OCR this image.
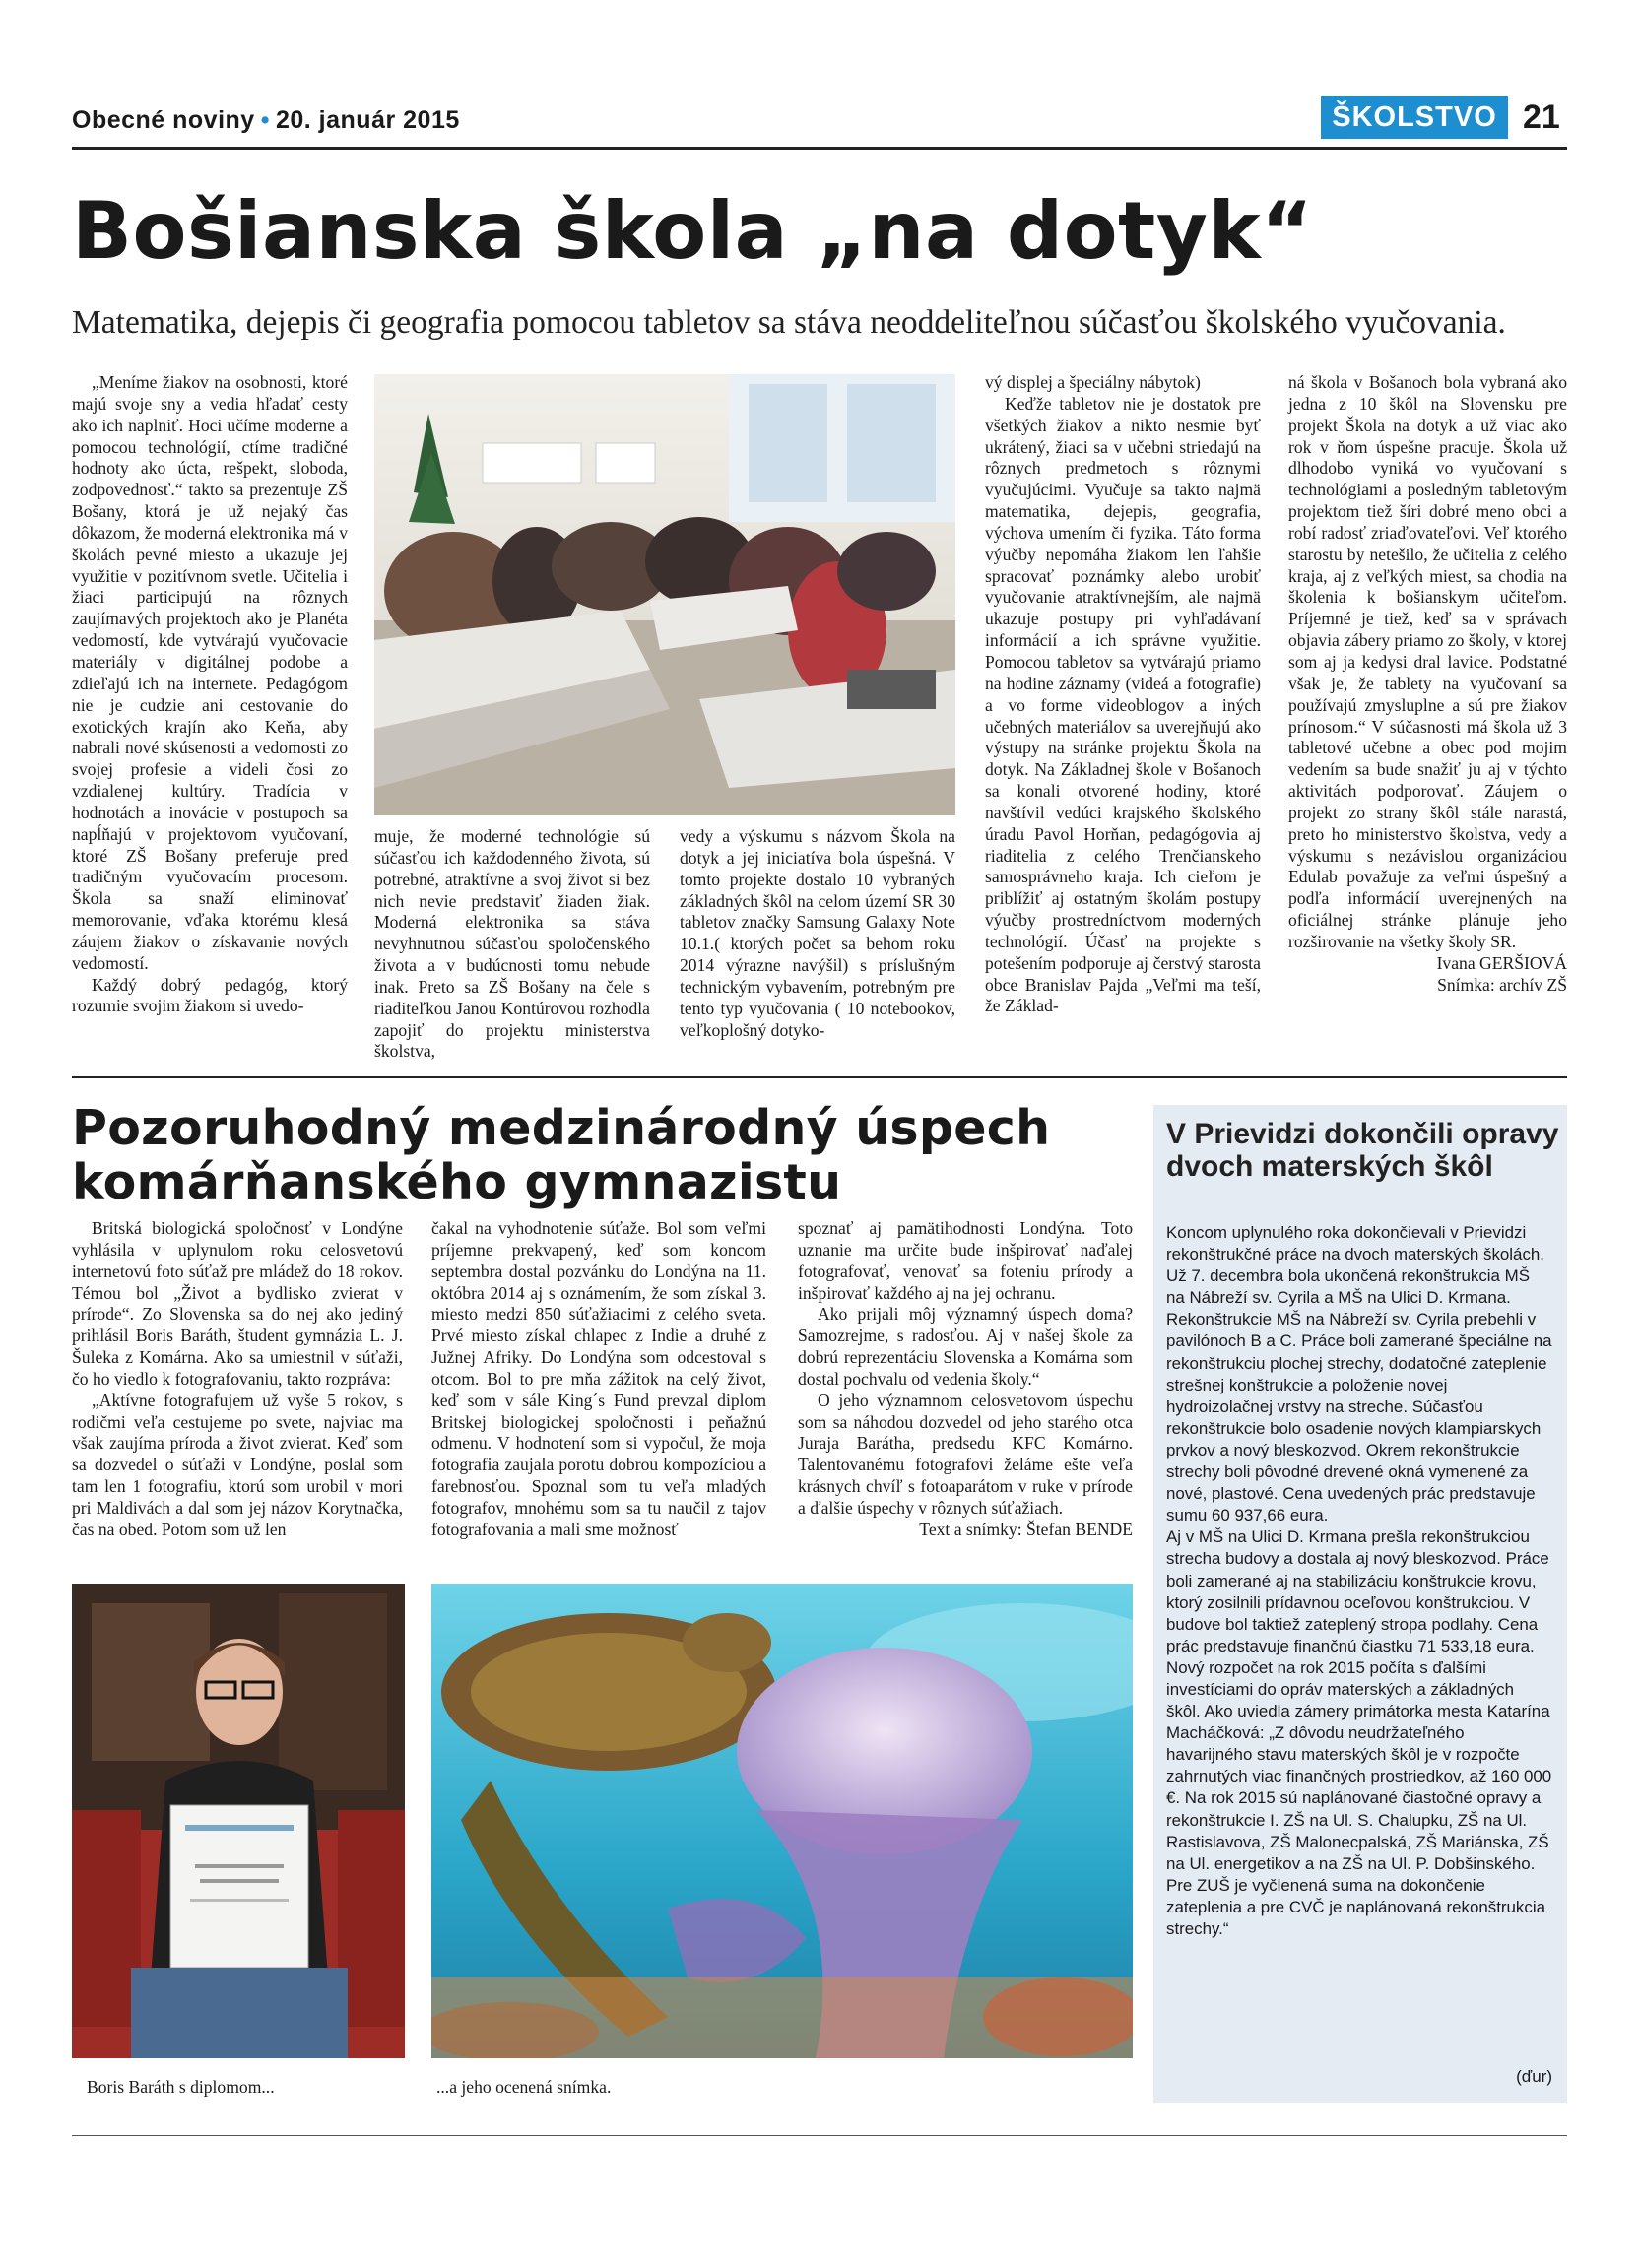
Obecné noviny • 20. január 2015	ŠKOLSTVO 21
Bošianska škola „na dotyk“
Matematika, dejepis či geografia pomocou tabletov sa stáva neoddeliteľnou súčasťou školského vyučovania.

„Meníme žiakov na osobnosti, ktoré majú svoje sny a vedia hľadať cesty ako ich naplniť. Hoci učíme moderne a pomocou technológií, ctíme tradičné hodnoty ako úcta, rešpekt, sloboda, zodpovednosť.“ takto sa prezentuje ZŠ Bošany, ktorá je už nejaký čas dôkazom, že moderná elektronika má v školách pevné miesto a ukazuje jej využitie v pozitívnom svetle. Učitelia i žiaci participujú na rôznych zaujímavých projektoch ako je Planéta vedomostí, kde vytvárajú vyučovacie materiály v digitálnej podobe a zdieľajú ich na internete. Pedagógom nie je cudzie ani cestovanie do exotických krajín ako Keňa, aby nabrali nové skúsenosti a vedomosti zo svojej profesie a videli čosi zo vzdialenej kultúry. Tradícia v hodnotách a inovácie v postupoch sa napĺňajú v projektovom vyučovaní, ktoré ZŠ Bošany preferuje pred tradičným vyučovacím procesom. Škola sa snaží eliminovať memorovanie, vďaka ktorému klesá záujem žiakov o získavanie nových vedomostí.

Každý dobrý pedagóg, ktorý rozumie svojim žiakom si uvedo-

muje, že moderné technológie sú súčasťou ich každodenného života, sú potrebné, atraktívne a svoj život si bez nich nevie predstaviť žiaden žiak. Moderná elektronika sa stáva nevyhnutnou súčasťou spoločenského života a v budúcnosti tomu nebude inak. Preto sa ZŠ Bošany na čele s riaditeľkou Janou Kontúrovou rozhodla zapojiť do projektu ministerstva školstva,

vedy a výskumu s názvom Škola na dotyk a jej iniciatíva bola úspešná. V tomto projekte dostalo 10 vybraných základných škôl na celom území SR 30 tabletov značky Samsung Galaxy Note 10.1.( ktorých počet sa behom roku 2014 výrazne navýšil) s príslušným technickým vybavením, potrebným pre tento typ vyučovania ( 10 notebookov, veľkoplošný dotyko-

vý displej a špeciálny nábytok)

Keďže tabletov nie je dostatok pre všetkých žiakov a nikto nesmie byť ukrátený, žiaci sa v učebni striedajú na rôznych predmetoch s rôznymi vyučujúcimi. Vyučuje sa takto najmä matematika, dejepis, geografia, výchova umením či fyzika. Táto forma výučby nepomáha žiakom len ľahšie spracovať poznámky alebo urobiť vyučovanie atraktívnejším, ale najmä ukazuje postupy pri vyhľadávaní informácií a ich správne využitie. Pomocou tabletov sa vytvárajú priamo na hodine záznamy (videá a fotografie) a vo forme videoblogov a iných učebných materiálov sa uverejňujú ako výstupy na stránke projektu Škola na dotyk. Na Základnej škole v Bošanoch sa konali otvorené hodiny, ktoré navštívil vedúci krajského školského úradu Pavol Horňan, pedagógovia aj riaditelia z celého Trenčianskeho samosprávneho kraja. Ich cieľom je priblížiť aj ostatným školám postupy výučby prostredníctvom moderných technológií. Účasť na projekte s potešením podporuje aj čerstvý starosta obce Branislav Pajda „Veľmi ma teší, že Základ-

ná škola v Bošanoch bola vybraná ako jedna z 10 škôl na Slovensku pre projekt Škola na dotyk a už viac ako rok v ňom úspešne pracuje. Škola už dlhodobo vyniká vo vyučovaní s technológiami a posledným tabletovým projektom tiež šíri dobré meno obci a robí radosť zriaďovateľovi. Veľ ktorého starostu by netešilo, že učitelia z celého kraja, aj z veľkých miest, sa chodia na školenia k bošianskym učiteľom. Príjemné je tiež, keď sa v správach objavia zábery priamo zo školy, v ktorej som aj ja kedysi dral lavice. Podstatné však je, že tablety na vyučovaní sa používajú zmysluplne a sú pre žiakov prínosom.“ V súčasnosti má škola už 3 tabletové učebne a obec pod mojim vedením sa bude snažiť ju aj v týchto aktivitách podporovať. Záujem o projekt zo strany škôl stále narastá, preto ho ministerstvo školstva, vedy a výskumu s nezávislou organizáciou Edulab považuje za veľmi úspešný a podľa informácií uverejnených na oficiálnej stránke plánuje jeho rozširovanie na všetky školy SR.

Ivana GERŠIOVÁ

Snímka: archív ZŠ

Pozoruhodný medzinárodný úspech
komárňanského gymnazistu

Britská biologická spoločnosť v Londýne vyhlásila v uplynulom roku celosvetovú internetovú foto súťaž pre mládež do 18 rokov. Témou bol „Život a bydlisko zvierat v prírode“. Zo Slovenska sa do nej ako jediný prihlásil Boris Baráth, študent gymnázia L. J. Šuleka z Komárna. Ako sa umiestnil v súťaži, čo ho viedlo k fotografovaniu, takto rozpráva:

„Aktívne fotografujem už vyše 5 rokov, s rodičmi veľa cestujeme po svete, najviac ma však zaujíma príroda a život zvierat. Keď som sa dozvedel o súťaži v Londýne, poslal som tam len 1 fotografiu, ktorú som urobil v mori pri Maldivách a dal som jej názov Korytnačka, čas na obed. Potom som už len

čakal na vyhodnotenie súťaže. Bol som veľmi príjemne prekvapený, keď som koncom septembra dostal pozvánku do Londýna na 11. októbra 2014 aj s oznámením, že som získal 3. miesto medzi 850 súťažiacimi z celého sveta. Prvé miesto získal chlapec z Indie a druhé z Južnej Afriky. Do Londýna som odcestoval s otcom. Bol to pre mňa zážitok na celý život, keď som v sále King´s Fund prevzal diplom Britskej biologickej spoločnosti i peňažnú odmenu. V hodnotení som si vypočul, že moja fotografia zaujala porotu dobrou kompozíciou a farebnosťou. Spoznal som tu veľa mladých fotografov, mnohému som sa tu naučil z tajov fotografovania a mali sme možnosť

spoznať aj pamätihodnosti Londýna. Toto uznanie ma určite bude inšpirovať naďalej fotografovať, venovať sa foteniu prírody a inšpirovať každého aj na jej ochranu.

Ako prijali môj významný úspech doma? Samozrejme, s radosťou. Aj v našej škole za dobrú reprezentáciu Slovenska a Komárna som dostal pochvalu od vedenia školy.“

O jeho významnom celosvetovom úspechu som sa náhodou dozvedel od jeho starého otca Juraja Barátha, predsedu KFC Komárno. Talentovanému fotografovi želáme ešte veľa krásnych chvíľ s fotoaparátom v ruke v prírode a ďalšie úspechy v rôznych súťažiach.

Text a snímky: Štefan BENDE

Boris Baráth s diplomom...	...a jeho ocenená snímka.
V Prievidzi dokončili opravy dvoch materských škôl
Koncom uplynulého roka dokončievali v Prievidzi rekonštrukčné práce na dvoch materských školách. Už 7. decembra bola ukončená rekonštrukcia MŠ na Nábreží sv. Cyrila a MŠ na Ulici D. Krmana. Rekonštrukcie MŠ na Nábreží sv. Cyrila prebehli v pavilónoch B a C. Práce boli zamerané špeciálne na rekonštrukciu plochej strechy, dodatočné zateplenie strešnej konštrukcie a položenie novej hydroizolačnej vrstvy na streche. Súčasťou rekonštrukcie bolo osadenie nových klampiarskych prvkov a nový bleskozvod. Okrem rekonštrukcie strechy boli pôvodné drevené okná vymenené za nové, plastové. Cena uvedených prác predstavuje sumu 60 937,66 eura.
Aj v MŠ na Ulici D. Krmana prešla rekonštrukciou strecha budovy a dostala aj nový bleskozvod. Práce boli zamerané aj na stabilizáciu konštrukcie krovu, ktorý zosilnili prídavnou oceľovou konštrukciou. V budove bol taktiež zateplený stropa podlahy. Cena prác predstavuje finančnú čiastku 71 533,18 eura.
Nový rozpočet na rok 2015 počíta s ďalšími investíciami do opráv materských a základných škôl. Ako uviedla zámery primátorka mesta Katarína Macháčková: „Z dôvodu neudržateľného havarijného stavu materských škôl je v rozpočte zahrnutých viac finančných prostriedkov, až 160 000 €. Na rok 2015 sú naplánované čiastočné opravy a rekonštrukcie I. ZŠ na Ul. S. Chalupku, ZŠ na Ul. Rastislavova, ZŠ Malonecpalská, ZŠ Mariánska, ZŠ na Ul. energetikov a na ZŠ na Ul. P. Dobšinského. Pre ZUŠ je vyčlenená suma na dokončenie zateplenia a pre CVČ je naplánovaná rekonštrukcia strechy.“
(ďur)
